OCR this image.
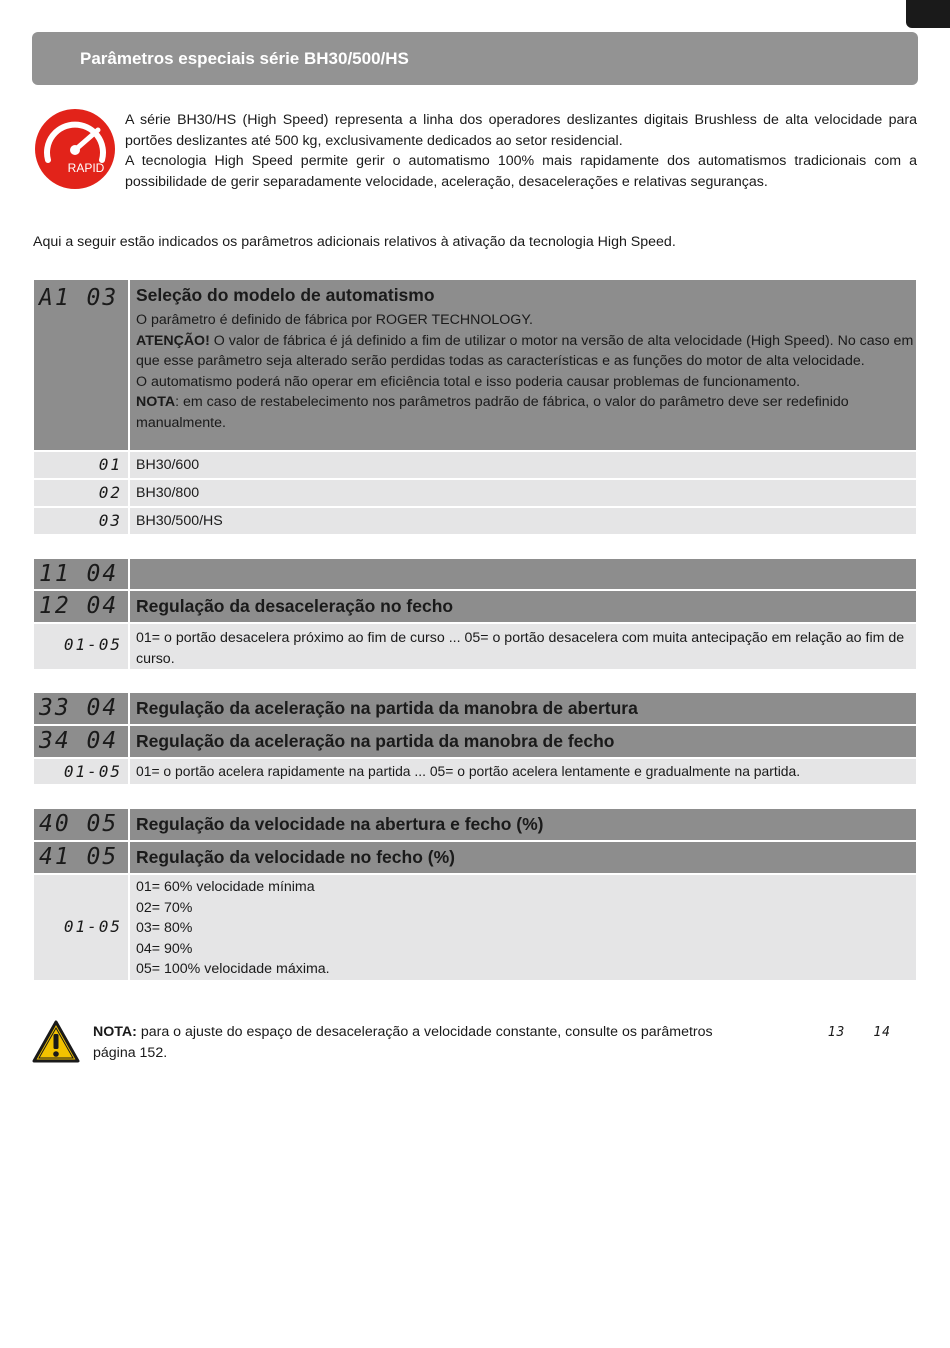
Parâmetros especiais série BH30/500/HS
RAPID

A série BH30/HS (High Speed) representa a linha dos operadores deslizantes digitais Brushless de alta velocidade para portões deslizantes até 500 kg, exclusivamente dedicados ao setor residencial.

A tecnologia High Speed permite gerir o automatismo 100% mais rapidamente dos automatismos tradicionais com a possibilidade de gerir separadamente velocidade, aceleração, desacelerações e relativas seguranças.

Aqui a seguir estão indicados os parâmetros adicionais relativos à ativação da tecnologia High Speed.
A1 03	Seleção do modelo de automatismo
O parâmetro é definido de fábrica por ROGER TECHNOLOGY.
ATENÇÃO! O valor de fábrica é já definido a fim de utilizar o motor na versão de alta velocidade (High Speed). No caso em que esse parâmetro seja alterado serão perdidas todas as características e as funções do motor de alta velocidade.
O automatismo poderá não operar em eficiência total e isso poderia causar problemas de funcionamento.
NOTA: em caso de restabelecimento nos parâmetros padrão de fábrica, o valor do parâmetro deve ser redefinido manualmente.
01 BH30/600
02 BH30/800
03 BH30/500/HS
11 04
12 04	Regulação da desaceleração no fecho
01-05 01= o portão desacelera próximo ao fim de curso ... 05= o portão desacelera com muita antecipação em relação ao fim de curso.
33 04	Regulação da aceleração na partida da manobra de abertura
34 04	Regulação da aceleração na partida da manobra de fecho
01-05	01= o portão acelera rapidamente na partida ... 05= o portão acelera lentamente e gradualmente na partida.
40 05	Regulação da velocidade na abertura e fecho (%)
41 05	Regulação da velocidade no fecho (%)
01-05
01= 60% velocidade mínima
02= 70%
03= 80%
04= 90%
05= 100% velocidade máxima.
NOTA: para o ajuste do espaço de desaceleração a velocidade constante, consulte os parâmetros	13 14
página 152.
